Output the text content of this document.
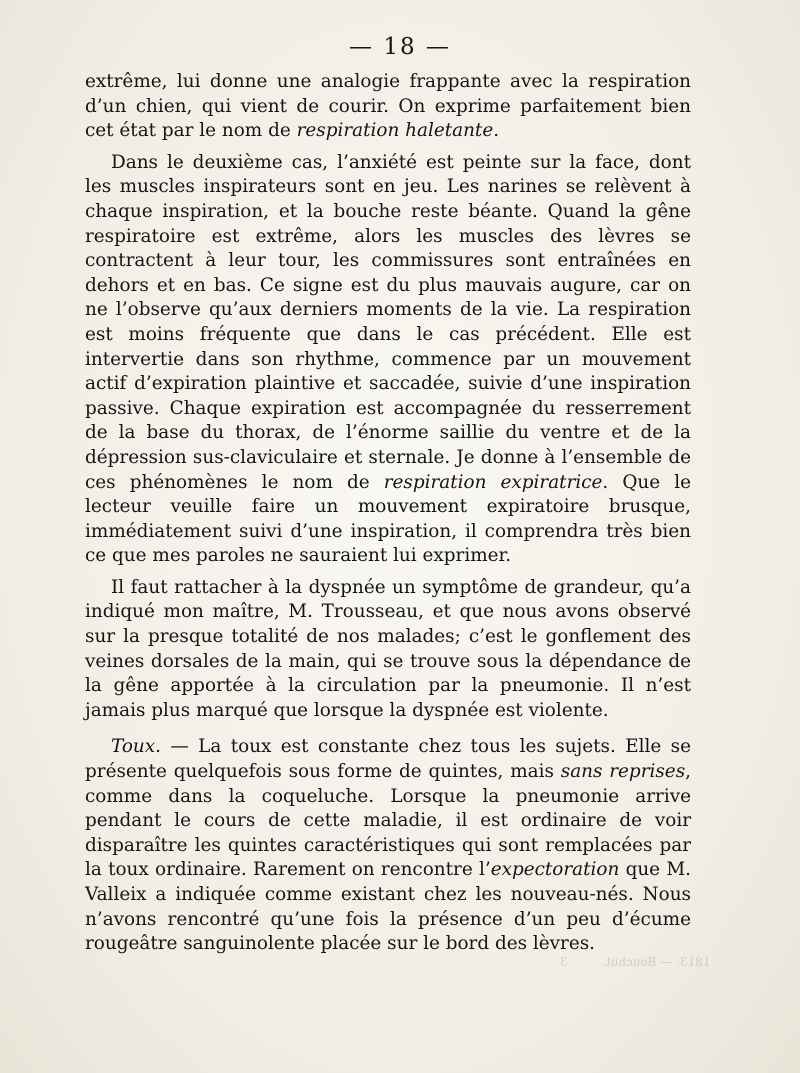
1813. — Bouchut.         3
— 18 —

extrême, lui donne une analogie frappante avec la respiration d’un chien, qui vient de courir. On exprime parfaitement bien cet état par le nom de respiration haletante.

Dans le deuxième cas, l’anxiété est peinte sur la face, dont les muscles inspirateurs sont en jeu. Les narines se relèvent à chaque inspiration, et la bouche reste béante. Quand la gêne respiratoire est extrême, alors les muscles des lèvres se contractent à leur tour, les commissures sont entraînées en dehors et en bas. Ce signe est du plus mauvais augure, car on ne l’observe qu’aux derniers moments de la vie. La respiration est moins fréquente que dans le cas précédent. Elle est intervertie dans son rhythme, commence par un mouvement actif d’expiration plaintive et saccadée, suivie d’une inspiration passive. Chaque expiration est accompagnée du resserrement de la base du thorax, de l’énorme saillie du ventre et de la dépression sus-claviculaire et sternale. Je donne à l’ensemble de ces phénomènes le nom de respiration expiratrice. Que le lecteur veuille faire un mouvement expiratoire brusque, immédiatement suivi d’une inspiration, il comprendra très bien ce que mes paroles ne sauraient lui exprimer.

Il faut rattacher à la dyspnée un symptôme de grandeur, qu’a indiqué mon maître, M. Trousseau, et que nous avons observé sur la presque totalité de nos malades; c’est le gonflement des veines dorsales de la main, qui se trouve sous la dépendance de la gêne apportée à la circulation par la pneumonie. Il n’est jamais plus marqué que lorsque la dyspnée est violente.

Toux. — La toux est constante chez tous les sujets. Elle se présente quelquefois sous forme de quintes, mais sans reprises, comme dans la coqueluche. Lorsque la pneumonie arrive pendant le cours de cette maladie, il est ordinaire de voir disparaître les quintes caractéristiques qui sont remplacées par la toux ordinaire. Rarement on rencontre l’expectoration que M. Valleix a indiquée comme existant chez les nouveau-nés. Nous n’avons rencontré qu’une fois la présence d’un peu d’écume rougeâtre sanguinolente placée sur le bord des lèvres.
